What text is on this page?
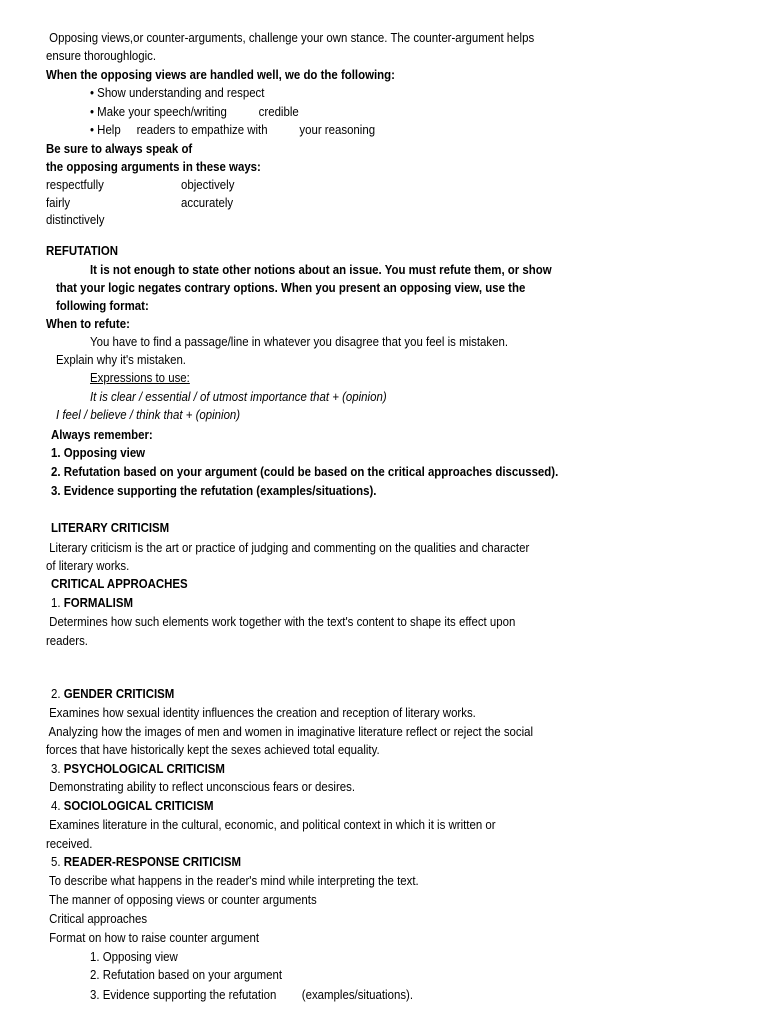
Opposing views,or counter-arguments, challenge your own stance. The counter-argument helps
ensure thoroughlogic.
When the opposing views are handled well, we do the following:
• Show understanding and respect
• Make your speech/writing          credible
• Help     readers to empathize with          your reasoning
Be sure to always speak of
the opposing arguments in these ways:
respectfully	objectively
fairly	accurately
distinctively
REFUTATION
It is not enough to state other notions about an issue. You must refute them, or show
that your logic negates contrary options. When you present an opposing view, use the
following format:
When to refute:
You have to find a passage/line in whatever you disagree that you feel is mistaken.
Explain why it's mistaken.
Expressions to use:
It is clear / essential / of utmost importance that + (opinion)
I feel / believe / think that + (opinion)
Always remember:
1. Opposing view
2. Refutation based on your argument (could be based on the critical approaches discussed).
3. Evidence supporting the refutation (examples/situations).
LITERARY CRITICISM
Literary criticism is the art or practice of judging and commenting on the qualities and character
of literary works.
CRITICAL APPROACHES
1. FORMALISM
Determines how such elements work together with the text's content to shape its effect upon
readers.
2. GENDER CRITICISM
Examines how sexual identity influences the creation and reception of literary works.
Analyzing how the images of men and women in imaginative literature reflect or reject the social
forces that have historically kept the sexes achieved total equality.
3. PSYCHOLOGICAL CRITICISM
Demonstrating ability to reflect unconscious fears or desires.
4. SOCIOLOGICAL CRITICISM
Examines literature in the cultural, economic, and political context in which it is written or
received.
5. READER-RESPONSE CRITICISM
To describe what happens in the reader's mind while interpreting the text.
The manner of opposing views or counter arguments
Critical approaches
Format on how to raise counter argument
1. Opposing view
2. Refutation based on your argument
3. Evidence supporting the refutation        (examples/situations).
